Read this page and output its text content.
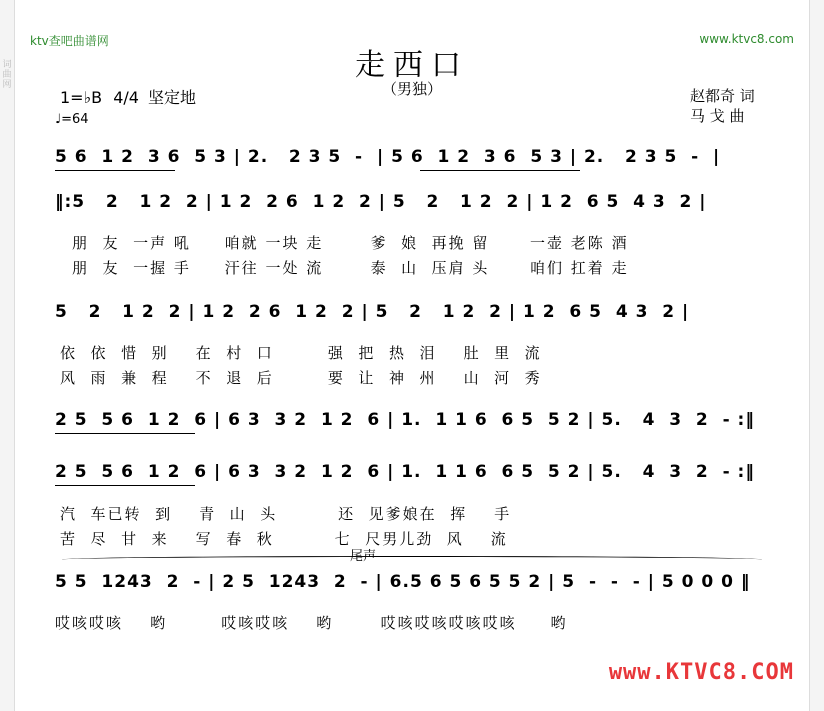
词曲网
ktv查吧曲谱网	www.ktvc8.com
走西口
（男独）
1=♭B 4/4 坚定地
♩=64
赵都奇 词
马 戈 曲
5 6  1 2  3 6  5 3 | 2.   2 3 5  -  | 5 6  1 2  3 6  5 3 | 2.   2 3 5  -  |
‖:5   2   1 2  2 | 1 2  2 6  1 2  2 | 5   2   1 2  2 | 1 2  6 5  4 3  2 |
朋  友  一声 吼     咱就 一块 走       爹  娘  再挽 留      一壶 老陈 酒
朋  友  一握 手     汗往 一处 流       泰  山  压肩 头      咱们 扛着 走
5   2   1 2  2 | 1 2  2 6  1 2  2 | 5   2   1 2  2 | 1 2  6 5  4 3  2 |
依  依  惜  别    在  村  口        强  把  热  泪    肚  里  流
风  雨  兼  程    不  退  后        要  让  神  州    山  河  秀
2 5  5 6  1 2  6 | 6 3  3 2  1 2  6 | 1.  1 1 6  6 5  5 2 | 5.   4  3  2  - :‖
2 5  5 6  1 2  6 | 6 3  3 2  1 2  6 | 1.  1 1 6  6 5  5 2 | 5.   4  3  2  - :‖
汽  车已转  到    青  山  头         还  见爹娘在  挥    手
苦  尽  甘  来    写  春  秋         七  尺男儿劲  风    流
尾声
5 5  1243  2  - | 2 5  1243  2  - | 6.5 6 5 6 5 5 2 | 5  -  -  - | 5 0 0 0 ‖
哎咳哎咳    哟        哎咳哎咳    哟       哎咳哎咳哎咳哎咳     哟
www.KTVC8.COM
